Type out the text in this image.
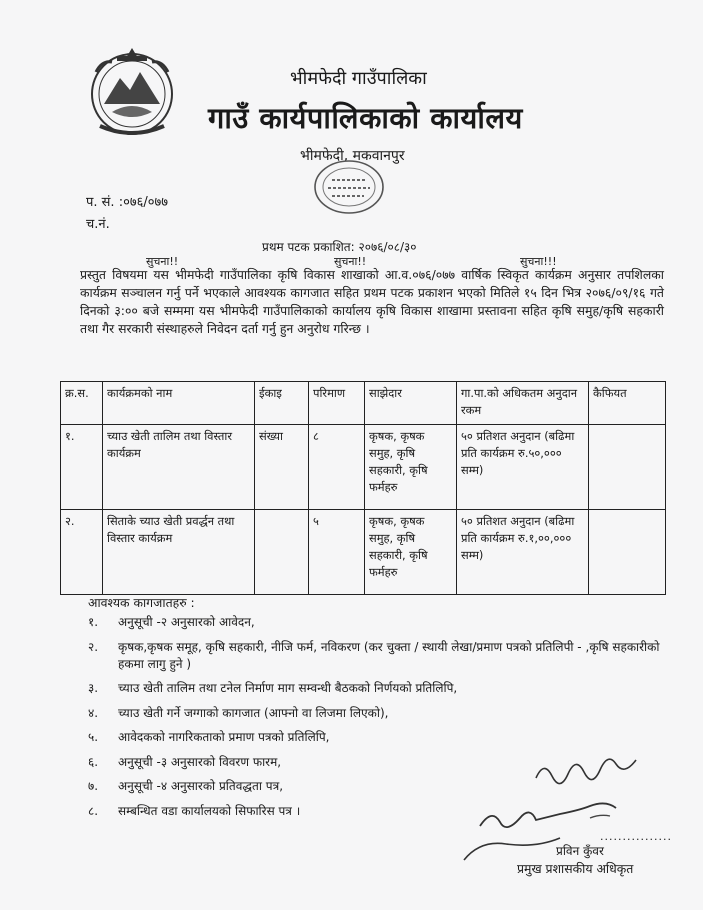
भीमफेदी गाउँपालिका
गाउँ कार्यपालिकाको कार्यालय
भीमफेदी, मकवानपुर
प. सं. :०७६/०७७
च.नं.
प्रथम पटक प्रकाशित: २०७६/०८/३०
सुचना!!	सुचना!!	सुचना!!!
प्रस्तुत विषयमा यस भीमफेदी गाउँपालिका कृषि विकास शाखाको आ.व.०७६/०७७ वार्षिक स्विकृत कार्यक्रम अनुसार तपशिलका कार्यक्रम सञ्चालन गर्नु पर्ने भएकाले आवश्यक कागजात सहित प्रथम पटक प्रकाशन भएको मितिले १५ दिन भित्र २०७६/०९/१६ गते दिनको ३:०० बजे सम्ममा यस भीमफेदी गाउँपालिकाको कार्यालय कृषि विकास शाखामा प्रस्तावना सहित कृषि समुह/कृषि सहकारी तथा गैर सरकारी संस्थाहरुले निवेदन दर्ता गर्नु हुन अनुरोध गरिन्छ ।
क्र.स.	कार्यक्रमको नाम	ईकाइ	परिमाण	साझेदार	गा.पा.को अधिकतम अनुदान रकम	कैफियत
१.	च्याउ खेती तालिम तथा विस्तार कार्यक्रम	संख्या	८	कृषक, कृषक समुह, कृषि सहकारी, कृषि फर्महरु	५० प्रतिशत अनुदान (बढिमा प्रति कार्यक्रम रु.५०,००० सम्म)	
२.	सिताके च्याउ खेती प्रवर्द्धन तथा विस्तार कार्यक्रम		५	कृषक, कृषक समुह, कृषि सहकारी, कृषि फर्महरु	५० प्रतिशत अनुदान (बढिमा प्रति कार्यक्रम रु.१,००,००० सम्म)	
आवश्यक कागजातहरु :
१.	अनुसूची -२ अनुसारको आवेदन,
२.	कृषक,कृषक समूह, कृषि सहकारी, नीजि फर्म, नविकरण (कर चुक्ता / स्थायी लेखा/प्रमाण पत्रको प्रतिलिपी - ,कृषि सहकारीको हकमा लागु हुने )
३.	च्याउ खेती तालिम तथा टनेल निर्माण माग सम्वन्धी बैठकको निर्णयको प्रतिलिपि,
४.	च्याउ खेती गर्ने जग्गाको कागजात (आफ्नो वा लिजमा लिएको),
५.	आवेदकको नागरिकताको प्रमाण पत्रको प्रतिलिपि,
६.	अनुसूची -३ अनुसारको विवरण फारम,
७.	अनुसूची -४ अनुसारको प्रतिवद्धता पत्र,
८.	सम्बन्धित वडा कार्यालयको सिफारिस पत्र ।
................
प्रविन कुँवर
प्रमुख प्रशासकीय अधिकृत
